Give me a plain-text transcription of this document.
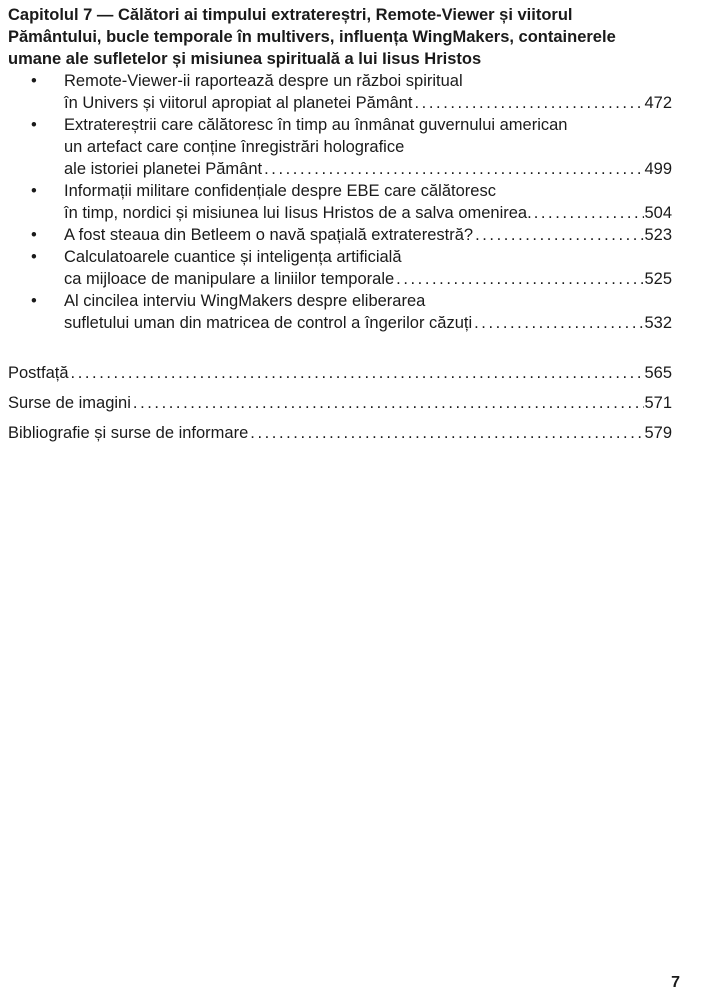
Capitolul 7 — Călători ai timpului extratereștri, Remote-Viewer și viitorul
Pământului, bucle temporale în multivers, influența WingMakers, containerele
umane ale sufletelor și misiunea spirituală a lui Iisus Hristos
• Remote-Viewer-ii raportează despre un război spiritual
în Univers și viitorul apropiat al planetei Pământ . . .	472
• Extratereștrii care călătoresc în timp au înmânat guvernului american
un artefact care conține înregistrări holografice
ale istoriei planetei Pământ . . .	499
• Informații militare confidențiale despre EBE care călătoresc
în timp, nordici și misiunea lui Iisus Hristos de a salva omenirea. . . .	504
• A fost steaua din Betleem o navă spațială extraterestră? . . .	523
• Calculatoarele cuantice și inteligența artificială
ca mijloace de manipulare a liniilor temporale . . .	525
• Al cincilea interviu WingMakers despre eliberarea
sufletului uman din matricea de control a îngerilor căzuți . . .	532
Postfață . . .	565
Surse de imagini . . .	571
Bibliografie și surse de informare . . .	579
7
